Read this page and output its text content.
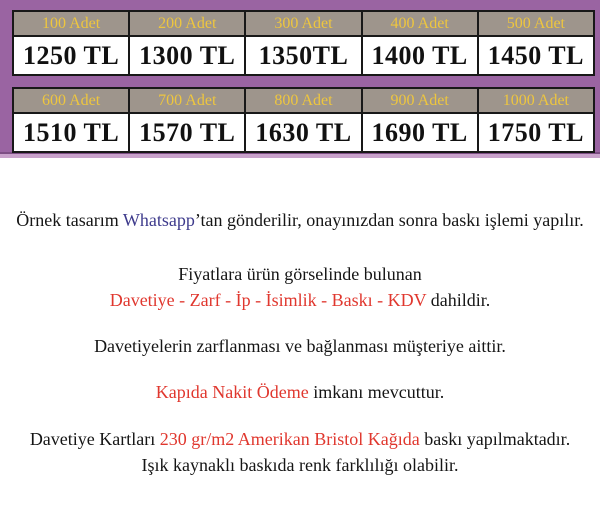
100 Adet	200 Adet	300 Adet	400 Adet	500 Adet
1250 TL	1300 TL	1350TL	1400 TL	1450 TL
600 Adet	700 Adet	800 Adet	900 Adet	1000 Adet
1510 TL	1570 TL	1630 TL	1690 TL	1750 TL

Örnek tasarım Whatsapp’tan gönderilir, onayınızdan sonra baskı işlemi yapılır.

Fiyatlara ürün görselinde bulunan

Davetiye - Zarf - İp - İsimlik - Baskı - KDV dahildir.

Davetiyelerin zarflanması ve bağlanması müşteriye aittir.

Kapıda Nakit Ödeme imkanı mevcuttur.

Davetiye Kartları 230 gr/m2 Amerikan Bristol Kağıda baskı yapılmaktadır.

Işık kaynaklı baskıda renk farklılığı olabilir.
